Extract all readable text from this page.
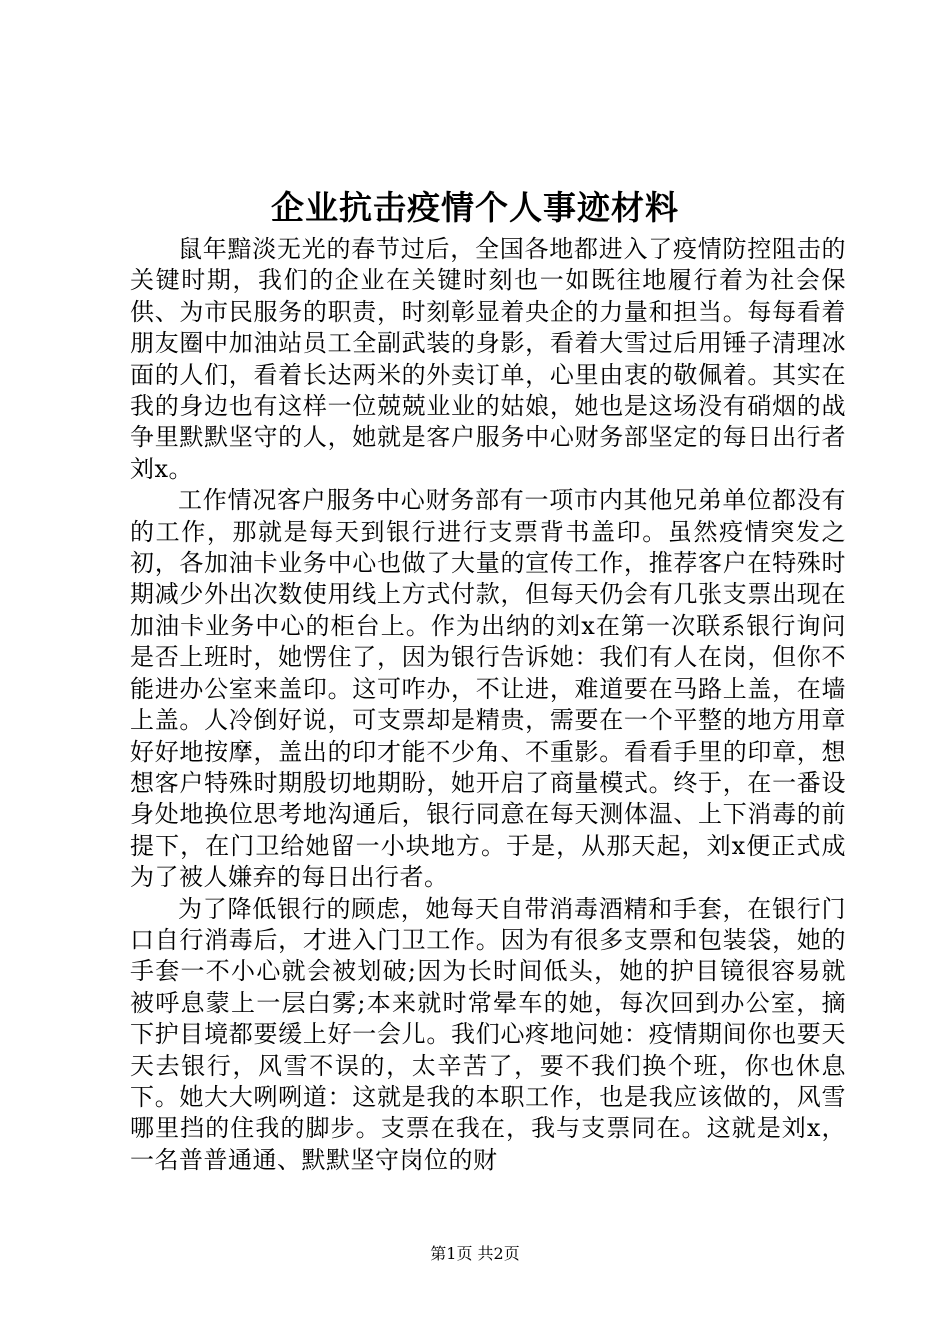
企业抗击疫情个人事迹材料

鼠年黯淡无光的春节过后，全国各地都进入了疫情防控阻击的关键时期，我们的企业在关键时刻也一如既往地履行着为社会保供、为市民服务的职责，时刻彰显着央企的力量和担当。每每看着朋友圈中加油站员工全副武装的身影，看着大雪过后用锤子清理冰面的人们，看着长达两米的外卖订单，心里由衷的敬佩着。其实在我的身边也有这样一位兢兢业业的姑娘，她也是这场没有硝烟的战争里默默坚守的人，她就是客户服务中心财务部坚定的每日出行者刘x。

工作情况客户服务中心财务部有一项市内其他兄弟单位都没有的工作，那就是每天到银行进行支票背书盖印。虽然疫情突发之初，各加油卡业务中心也做了大量的宣传工作，推荐客户在特殊时期减少外出次数使用线上方式付款，但每天仍会有几张支票出现在加油卡业务中心的柜台上。作为出纳的刘x在第一次联系银行询问是否上班时，她愣住了，因为银行告诉她：我们有人在岗，但你不能进办公室来盖印。这可咋办，不让进，难道要在马路上盖，在墙上盖。人冷倒好说，可支票却是精贵，需要在一个平整的地方用章好好地按摩，盖出的印才能不少角、不重影。看看手里的印章，想想客户特殊时期殷切地期盼，她开启了商量模式。终于，在一番设身处地换位思考地沟通后，银行同意在每天测体温、上下消毒的前提下，在门卫给她留一小块地方。于是，从那天起，刘x便正式成为了被人嫌弃的每日出行者。

为了降低银行的顾虑，她每天自带消毒酒精和手套，在银行门口自行消毒后，才进入门卫工作。因为有很多支票和包装袋，她的手套一不小心就会被划破;因为长时间低头，她的护目镜很容易就被呼息蒙上一层白雾;本来就时常晕车的她，每次回到办公室，摘下护目境都要缓上好一会儿。我们心疼地问她：疫情期间你也要天天去银行，风雪不误的，太辛苦了，要不我们换个班，你也休息下。她大大咧咧道：这就是我的本职工作，也是我应该做的，风雪哪里挡的住我的脚步。支票在我在，我与支票同在。这就是刘x，一名普普通通、默默坚守岗位的财

第1页 共2页
